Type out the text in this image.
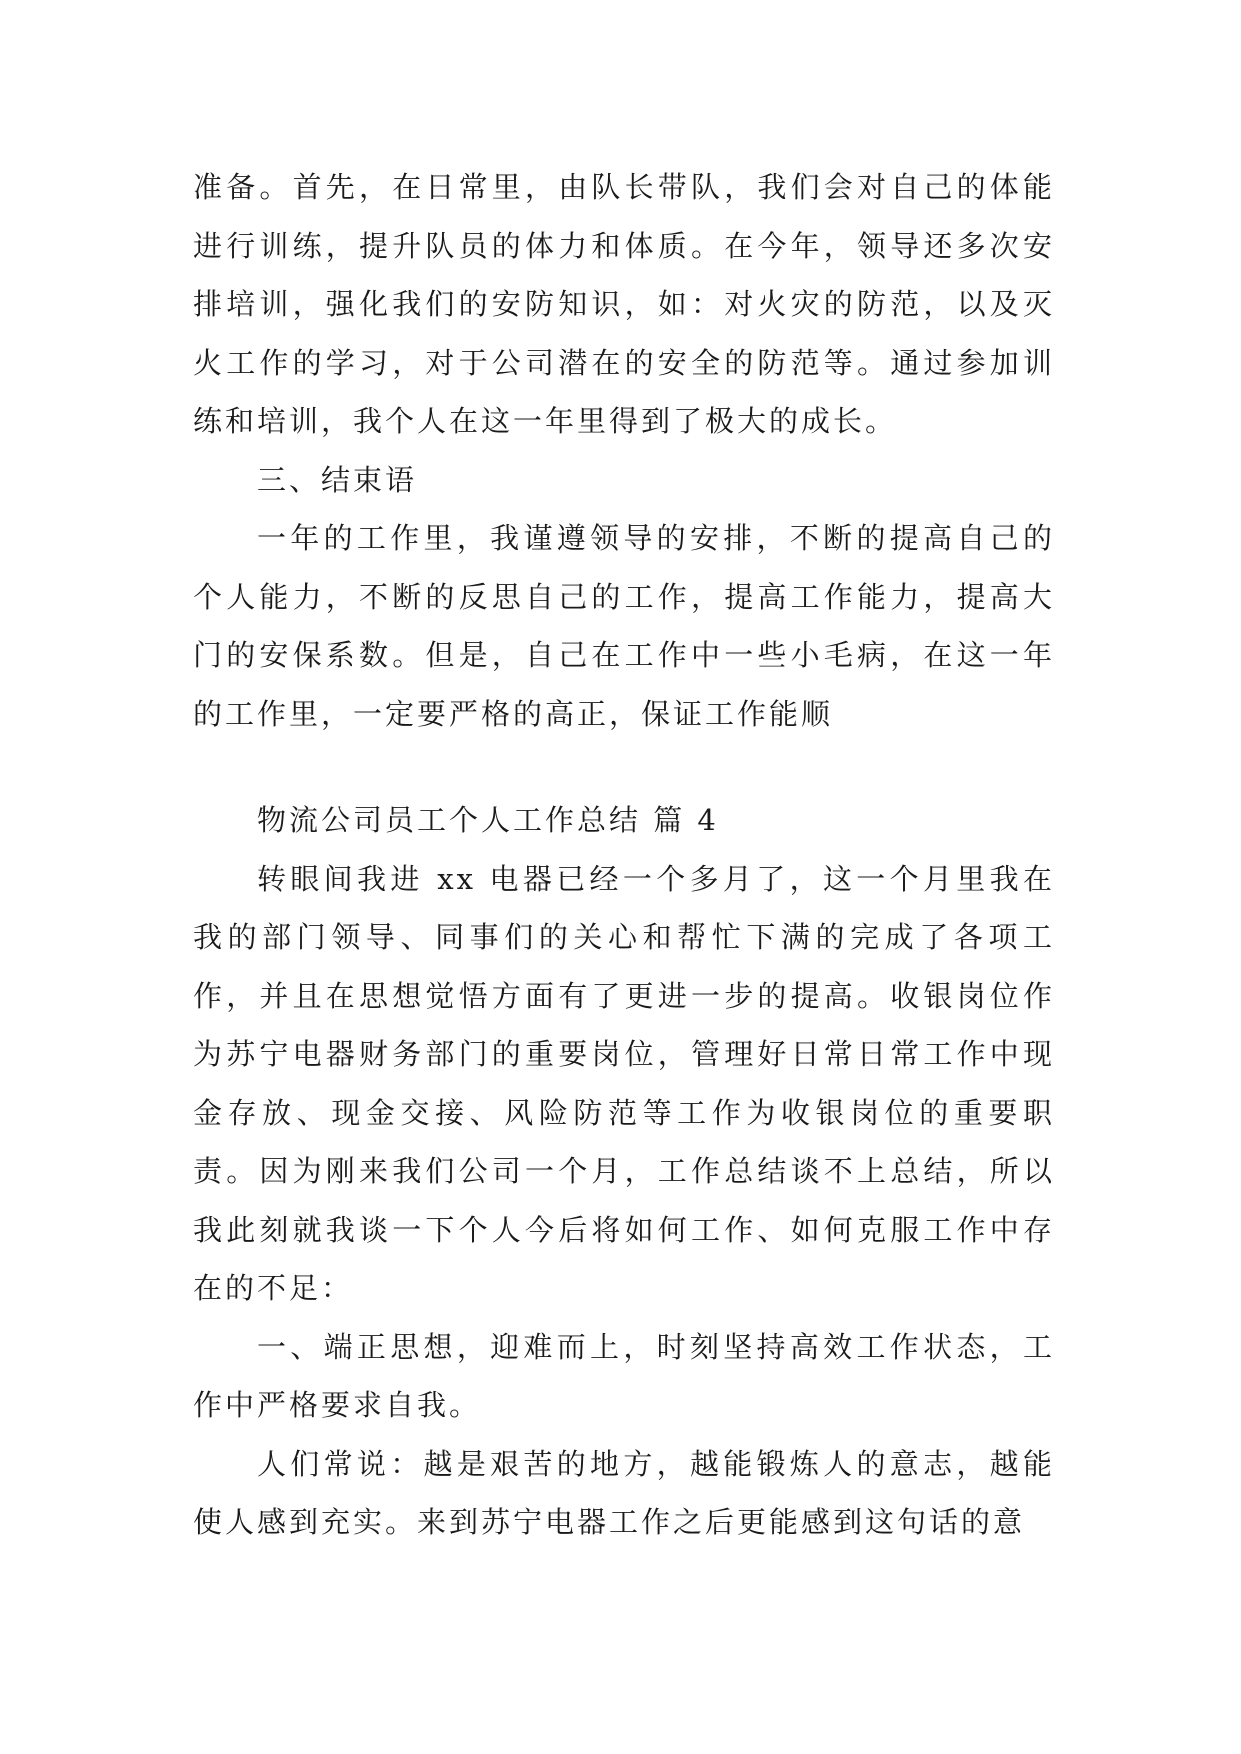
准备。首先，在日常里，由队长带队，我们会对自己的体能进行训练，提升队员的体力和体质。在今年，领导还多次安排培训，强化我们的安防知识，如：对火灾的防范，以及灭火工作的学习，对于公司潜在的安全的防范等。通过参加训练和培训，我个人在这一年里得到了极大的成长。

三、结束语

一年的工作里，我谨遵领导的安排，不断的提高自己的个人能力，不断的反思自己的工作，提高工作能力，提高大门的安保系数。但是，自己在工作中一些小毛病，在这一年的工作里，一定要严格的高正，保证工作能顺

物流公司员工个人工作总结 篇 4

转眼间我进 xx 电器已经一个多月了，这一个月里我在我的部门领导、同事们的关心和帮忙下满的完成了各项工作，并且在思想觉悟方面有了更进一步的提高。收银岗位作为苏宁电器财务部门的重要岗位，管理好日常日常工作中现金存放、现金交接、风险防范等工作为收银岗位的重要职责。因为刚来我们公司一个月，工作总结谈不上总结，所以我此刻就我谈一下个人今后将如何工作、如何克服工作中存在的不足：

一、端正思想，迎难而上，时刻坚持高效工作状态，工作中严格要求自我。

人们常说：越是艰苦的地方，越能锻炼人的意志，越能使人感到充实。来到苏宁电器工作之后更能感到这句话的意
